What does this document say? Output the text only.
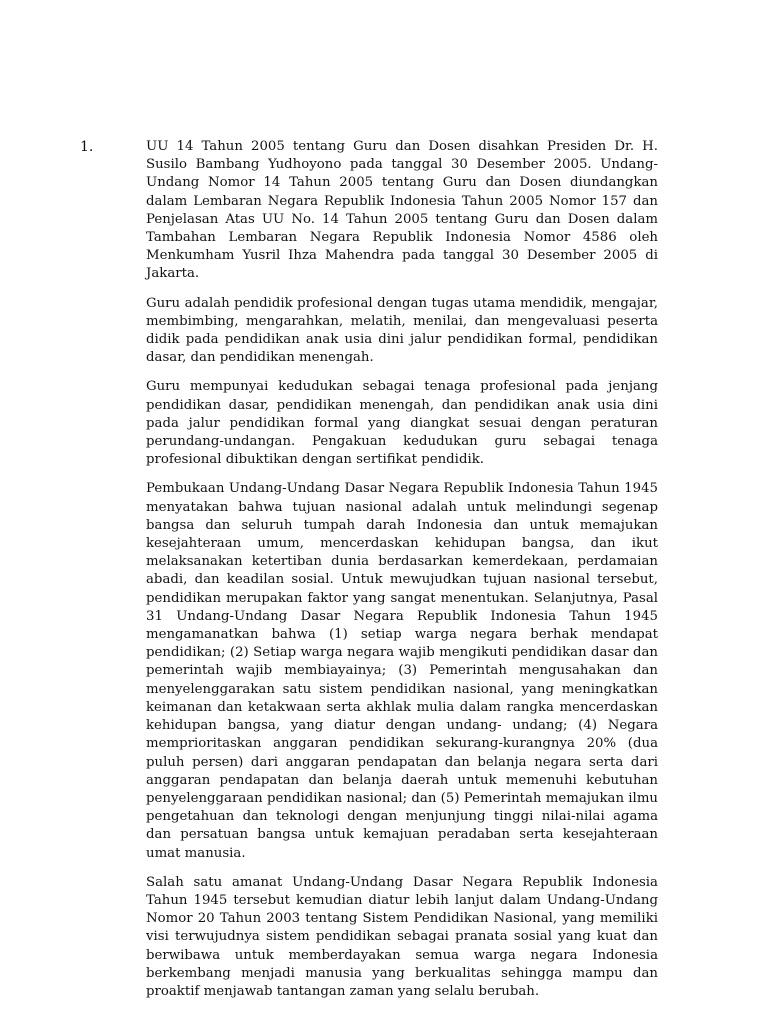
1.	UU 14 Tahun 2005 tentang Guru dan Dosen disahkan Presiden Dr. H. Susilo Bambang Yudhoyono pada tanggal 30 Desember 2005. Undang-Undang Nomor 14 Tahun 2005 tentang Guru dan Dosen diundangkan dalam Lembaran Negara Republik Indonesia Tahun 2005 Nomor 157 dan Penjelasan Atas UU No. 14 Tahun 2005 tentang Guru dan Dosen dalam Tambahan Lembaran Negara Republik Indonesia Nomor 4586 oleh Menkumham Yusril Ihza Mahendra pada tanggal 30 Desember 2005 di Jakarta.

Guru adalah pendidik profesional dengan tugas utama mendidik, mengajar, membimbing, mengarahkan, melatih, menilai, dan mengevaluasi peserta didik pada pendidikan anak usia dini jalur pendidikan formal, pendidikan dasar, dan pendidikan menengah.

Guru mempunyai kedudukan sebagai tenaga profesional pada jenjang pendidikan dasar, pendidikan menengah, dan pendidikan anak usia dini pada jalur pendidikan formal yang diangkat sesuai dengan peraturan perundang-undangan. Pengakuan kedudukan guru sebagai tenaga profesional dibuktikan dengan sertifikat pendidik.

Pembukaan Undang-Undang Dasar Negara Republik Indonesia Tahun 1945 menyatakan bahwa tujuan nasional adalah untuk melindungi segenap bangsa dan seluruh tumpah darah Indonesia dan untuk memajukan kesejahteraan umum, mencerdaskan kehidupan bangsa, dan ikut melaksanakan ketertiban dunia berdasarkan kemerdekaan, perdamaian abadi, dan keadilan sosial. Untuk mewujudkan tujuan nasional tersebut, pendidikan merupakan faktor yang sangat menentukan. Selanjutnya, Pasal 31 Undang-Undang Dasar Negara Republik Indonesia Tahun 1945 mengamanatkan bahwa (1) setiap warga negara berhak mendapat pendidikan; (2) Setiap warga negara wajib mengikuti pendidikan dasar dan pemerintah wajib membiayainya; (3) Pemerintah mengusahakan dan menyelenggarakan satu sistem pendidikan nasional, yang meningkatkan keimanan dan ketakwaan serta akhlak mulia dalam rangka mencerdaskan kehidupan bangsa, yang diatur dengan undang- undang; (4) Negara memprioritaskan anggaran pendidikan sekurang-kurangnya 20% (dua puluh persen) dari anggaran pendapatan dan belanja negara serta dari anggaran pendapatan dan belanja daerah untuk memenuhi kebutuhan penyelenggaraan pendidikan nasional; dan (5) Pemerintah memajukan ilmu pengetahuan dan teknologi dengan menjunjung tinggi nilai-nilai agama dan persatuan bangsa untuk kemajuan peradaban serta kesejahteraan umat manusia.

Salah satu amanat Undang-Undang Dasar Negara Republik Indonesia Tahun 1945 tersebut kemudian diatur lebih lanjut dalam Undang-Undang Nomor 20 Tahun 2003 tentang Sistem Pendidikan Nasional, yang memiliki visi terwujudnya sistem pendidikan sebagai pranata sosial yang kuat dan berwibawa untuk memberdayakan semua warga negara Indonesia berkembang menjadi manusia yang berkualitas sehingga mampu dan proaktif menjawab tantangan zaman yang selalu berubah.
